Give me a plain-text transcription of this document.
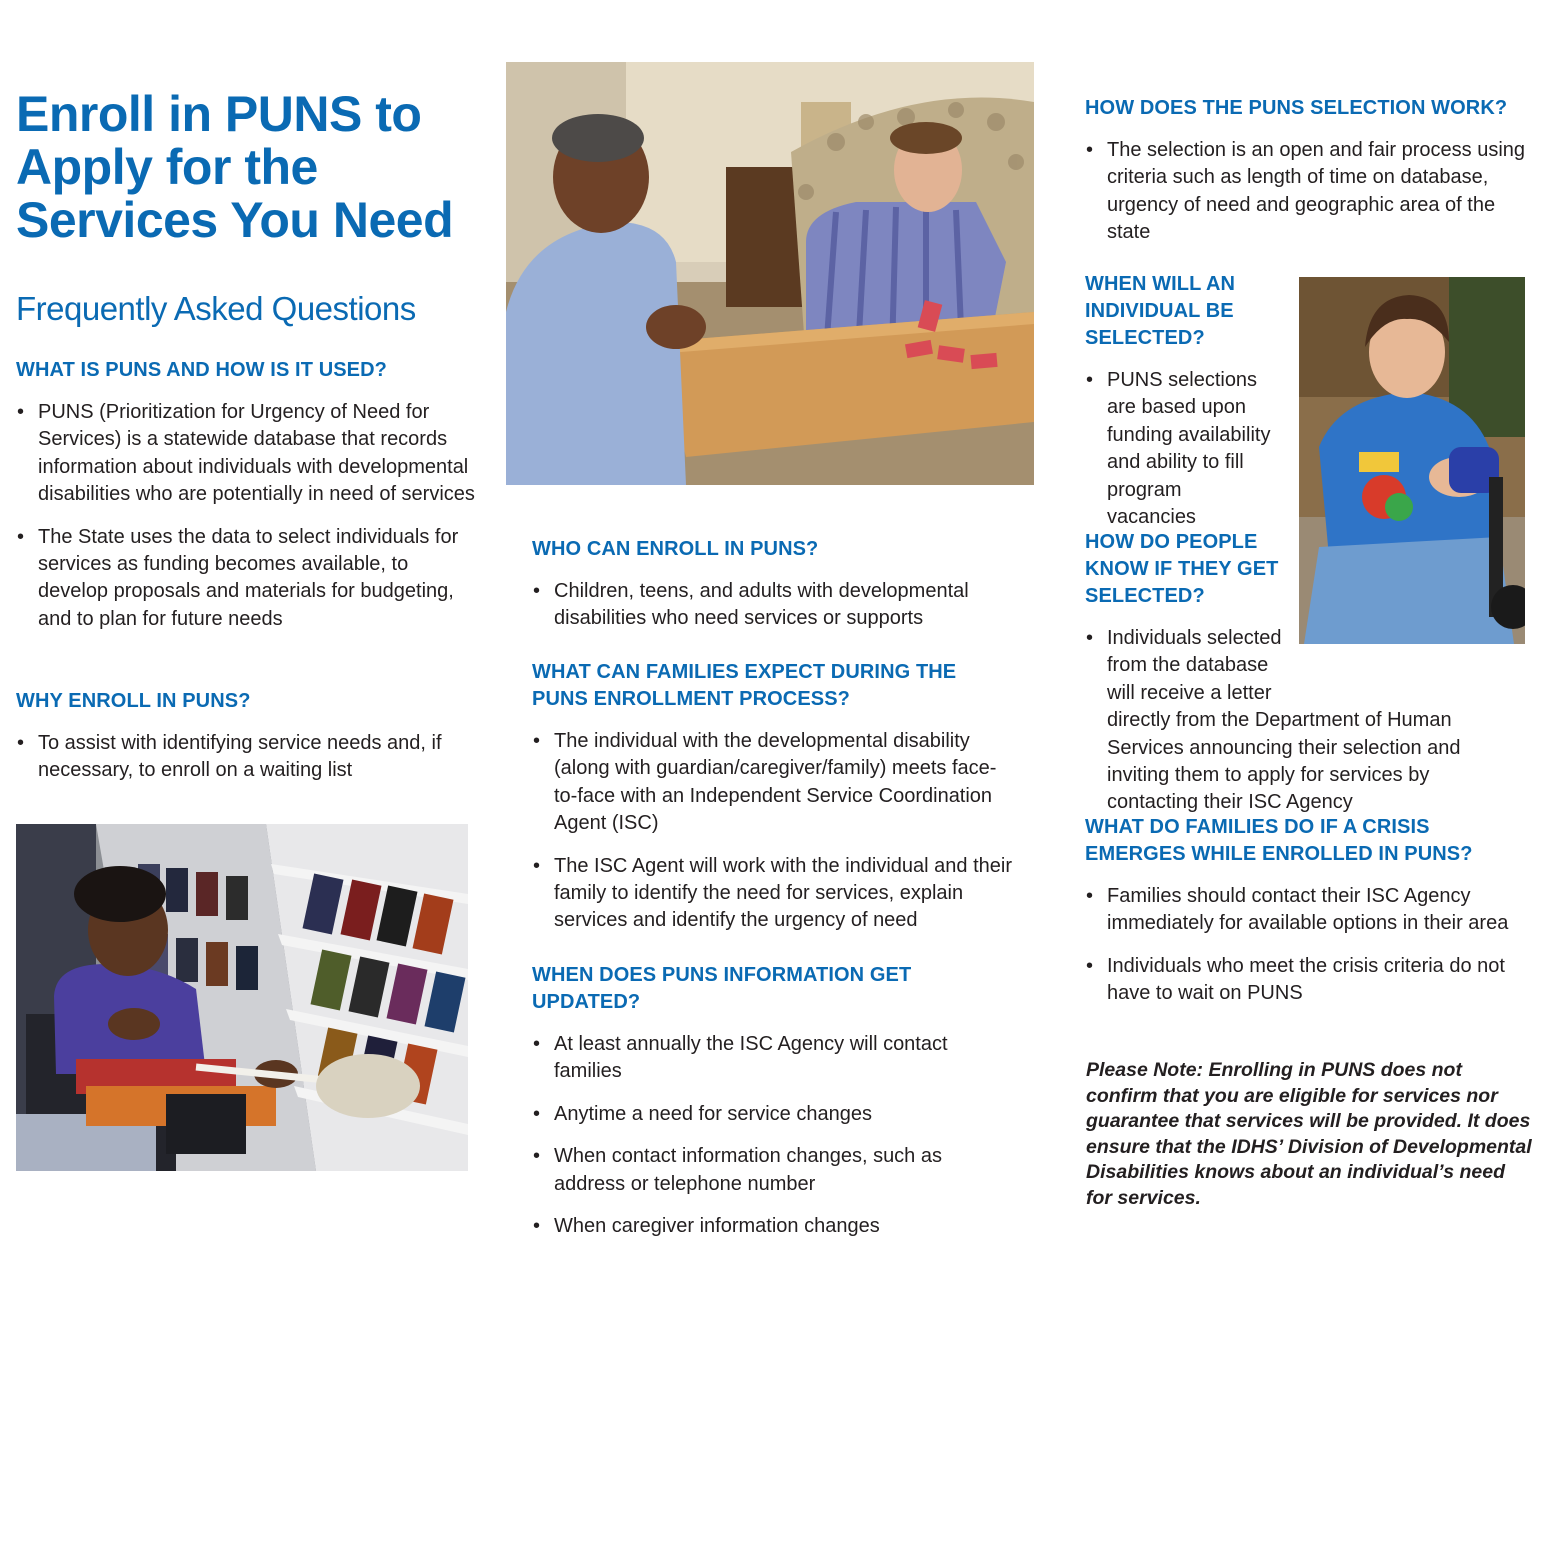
Enroll in PUNS to Apply for the Services You Need
Frequently Asked Questions
WHAT IS PUNS AND HOW IS IT USED?
• PUNS (Prioritization for Urgency of Need for Services) is a statewide database that records information about individuals with developmental disabilities who are potentially in need of services
• The State uses the data to select individuals for services as funding becomes available, to develop proposals and materials for budgeting, and to plan for future needs
WHY ENROLL IN PUNS?
• To assist with identifying service needs and, if necessary, to enroll on a waiting list
WHO CAN ENROLL IN PUNS?
• Children, teens, and adults with developmental disabilities who need services or supports
WHAT CAN FAMILIES EXPECT DURING THE PUNS ENROLLMENT PROCESS?
• The individual with the developmental disability (along with guardian/caregiver/family) meets face-to-face with an Independent Service Coordination Agent (ISC)
• The ISC Agent will work with the individual and their family to identify the need for services, explain services and identify the urgency of need
WHEN DOES PUNS INFORMATION GET UPDATED?
• At least annually the ISC Agency will contact families
• Anytime a need for service changes
• When contact information changes, such as address or telephone number
• When caregiver information changes
HOW DOES THE PUNS SELECTION WORK?
• The selection is an open and fair process using criteria such as length of time on database, urgency of need and geographic area of the state
WHEN WILL AN INDIVIDUAL BE SELECTED?
• PUNS selections are based upon funding availability and ability to fill program vacancies
HOW DO PEOPLE KNOW IF THEY GET SELECTED?
• Individuals selected from the database will receive a letter directly from the Department of Human Services announcing their selection and inviting them to apply for services by contacting their ISC Agency
WHAT DO FAMILIES DO IF A CRISIS EMERGES WHILE ENROLLED IN PUNS?
• Families should contact their ISC Agency immediately for available options in their area
• Individuals who meet the crisis criteria do not have to wait on PUNS

Please Note: Enrolling in PUNS does not confirm that you are eligible for services nor guarantee that services will be provided. It does ensure that the IDHS’ Division of Developmental Disabilities knows about an individual’s need for services.
